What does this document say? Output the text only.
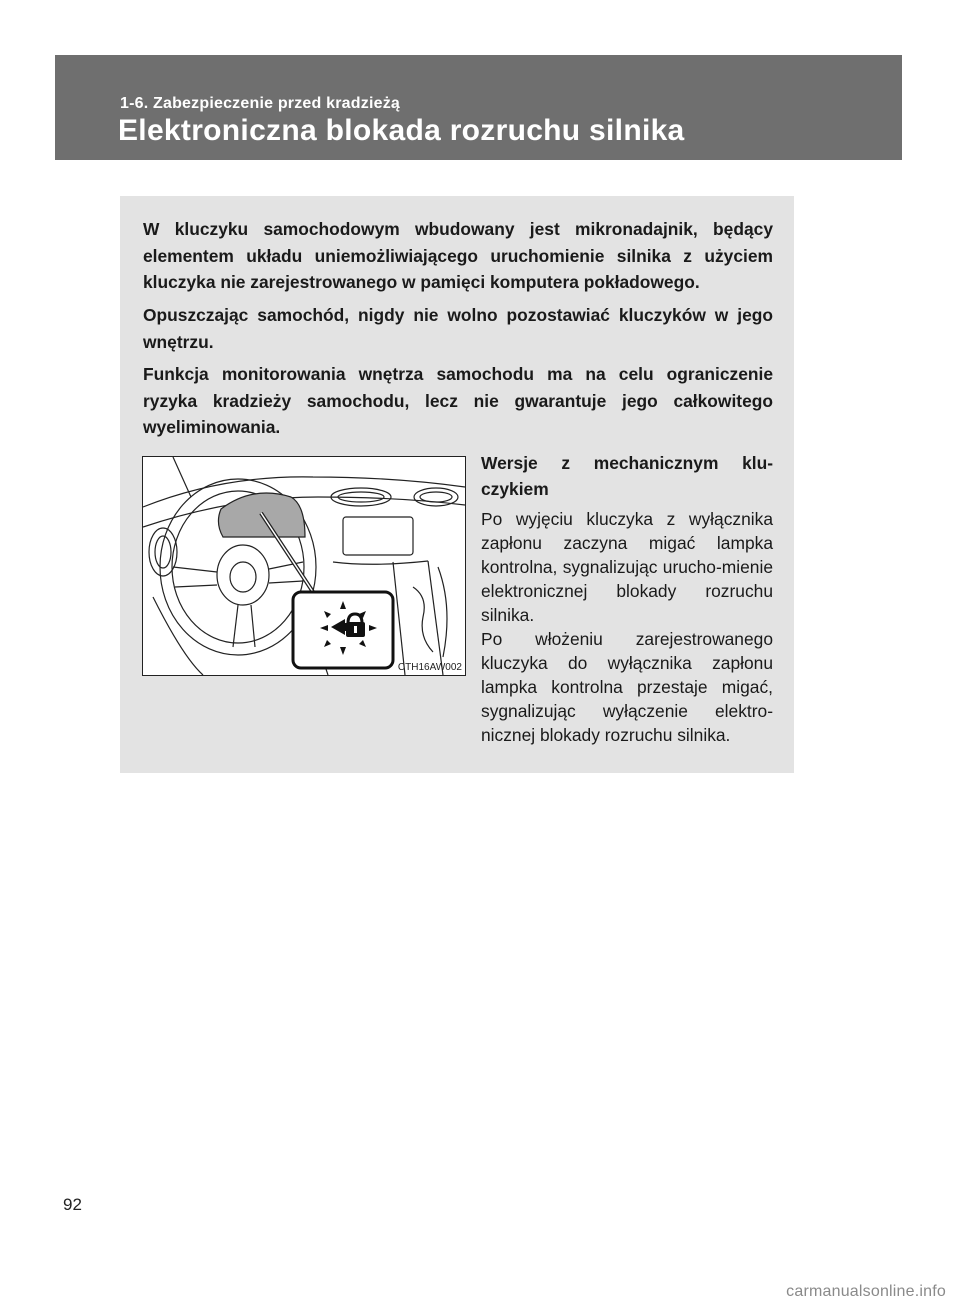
1-6. Zabezpieczenie przed kradzieżą
Elektroniczna blokada rozruchu silnika

W kluczyku samochodowym wbudowany jest mikronadajnik, będący elementem układu uniemożliwiającego uruchomienie silnika z użyciem kluczyka nie zarejestrowanego w pamięci komputera pokładowego.

Opuszczając samochód, nigdy nie wolno pozostawiać kluczyków w jego wnętrzu.

Funkcja monitorowania wnętrza samochodu ma na celu ograniczenie ryzyka kradzieży samochodu, lecz nie gwarantuje jego całkowitego wyeliminowania.

CTH16AW002

Wersje z mechanicznym klu-czykiem

Po wyjęciu kluczyka z wyłącznika zapłonu zaczyna migać lampka kontrolna, sygnalizując urucho-mienie elektronicznej blokady rozruchu silnika.

Po włożeniu zarejestrowanego kluczyka do wyłącznika zapłonu lampka kontrolna przestaje migać, sygnalizując wyłączenie elektro-nicznej blokady rozruchu silnika.

92
carmanualsonline.info
